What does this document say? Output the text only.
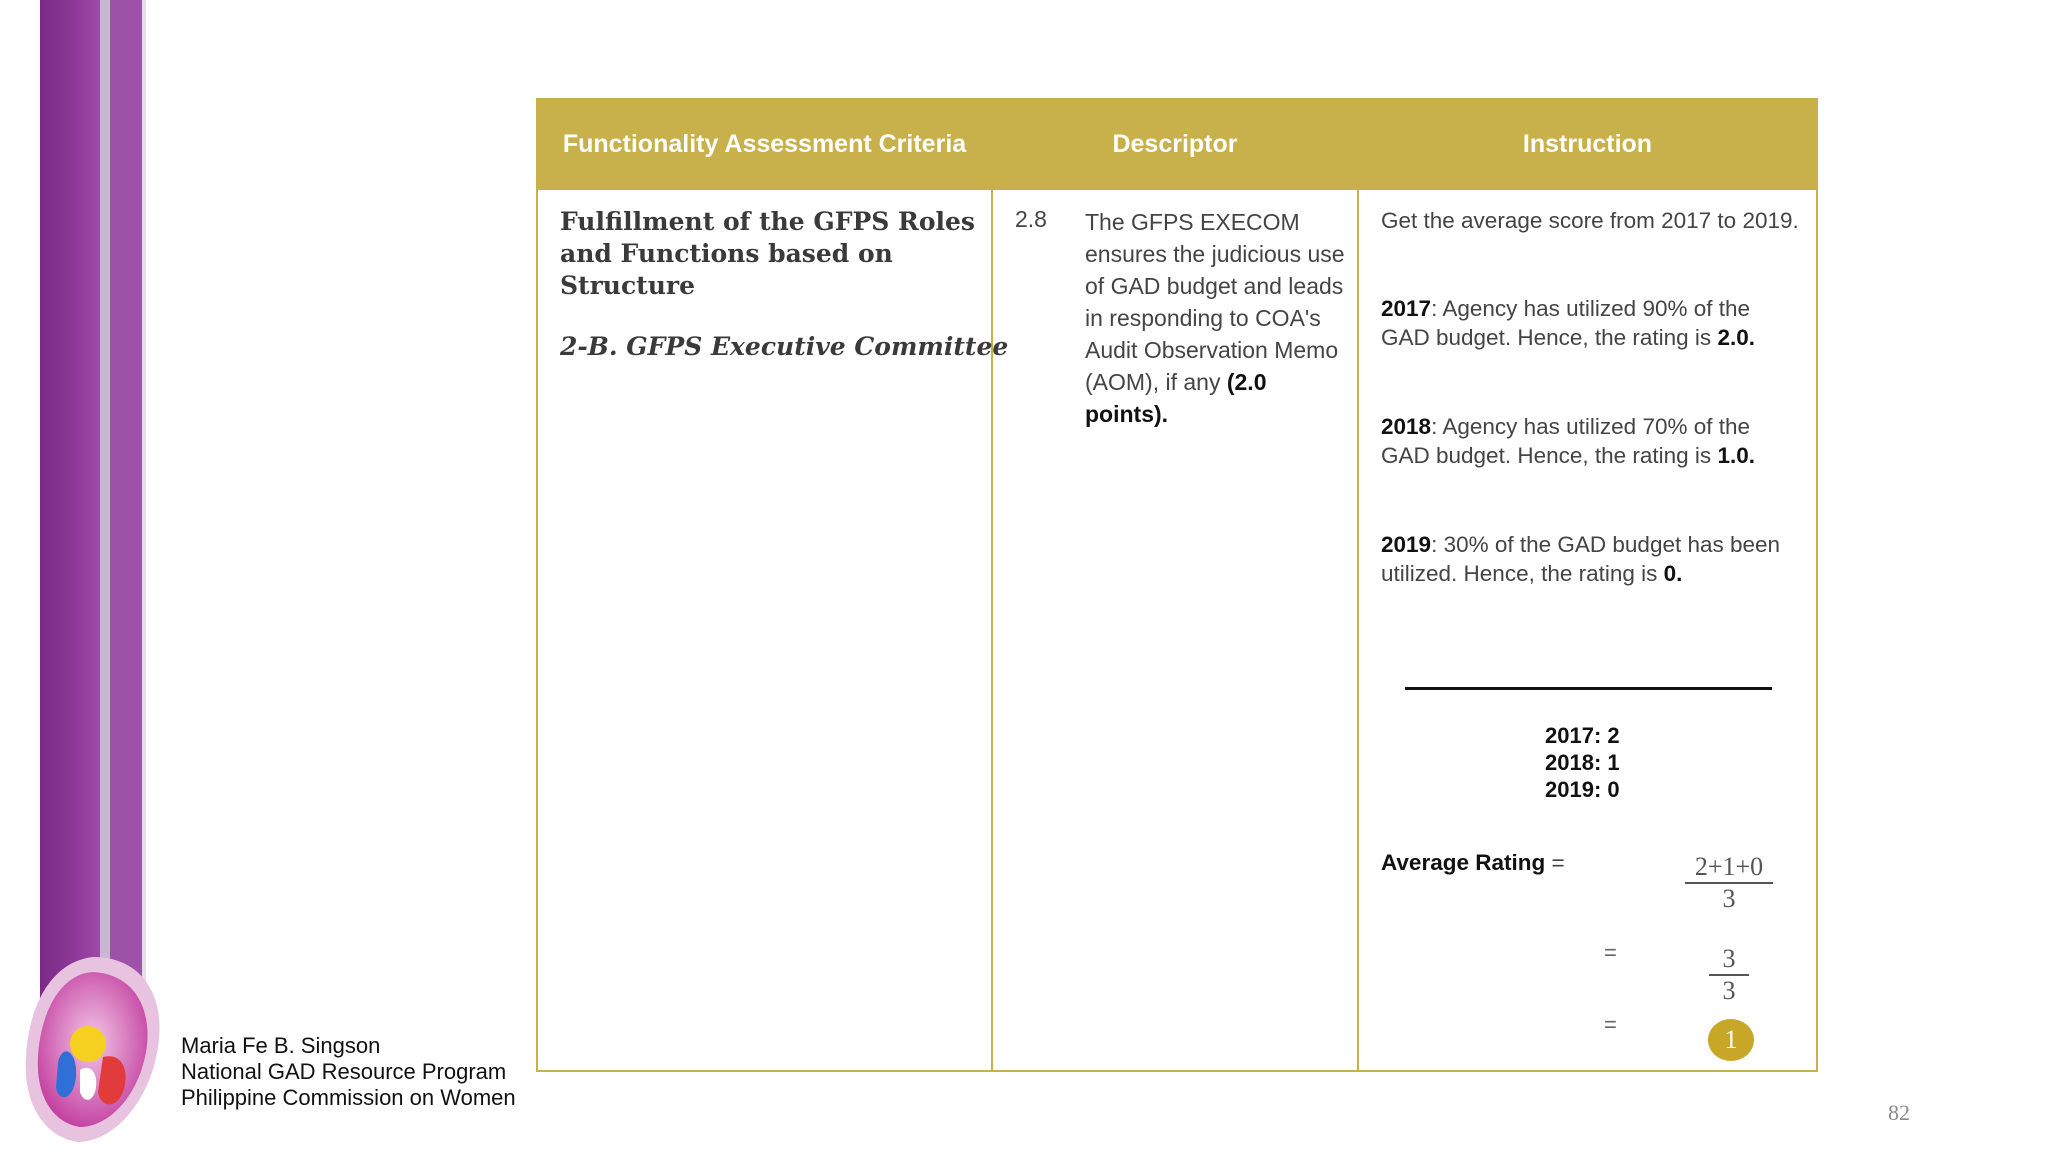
Maria Fe B. Singson
National GAD Resource Program
Philippine Commission on Women
82
Functionality Assessment Criteria
Fulfillment of the GFPS Roles and Functions based on Structure
2-B. GFPS Executive Committee
Descriptor
2.8 The GFPS EXECOM ensures the judicious use of GAD budget and leads in responding to COA's Audit Observation Memo (AOM), if any (2.0 points).
Instruction
Get the average score from 2017 to 2019.
2017: Agency has utilized 90% of the GAD budget. Hence, the rating is 2.0.
2018: Agency has utilized 70% of the GAD budget. Hence, the rating is 1.0.
2019: 30% of the GAD budget has been utilized. Hence, the rating is 0.
2017: 2
2018: 1
2019: 0
Average Rating =	$\frac{2+1+0}{3}$
=	$\frac{3}{3}$
=
1
